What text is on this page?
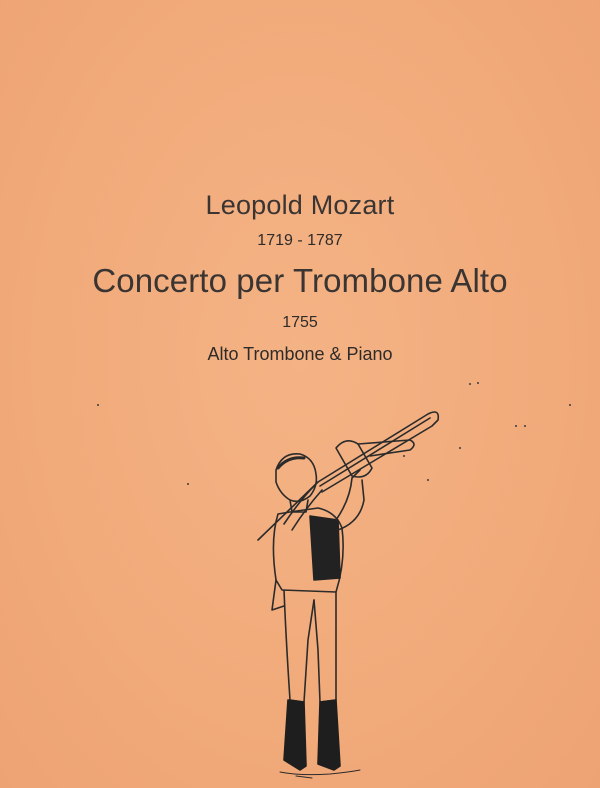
Leopold Mozart
1719 - 1787
Concerto per Trombone Alto
1755
Alto Trombone & Piano
